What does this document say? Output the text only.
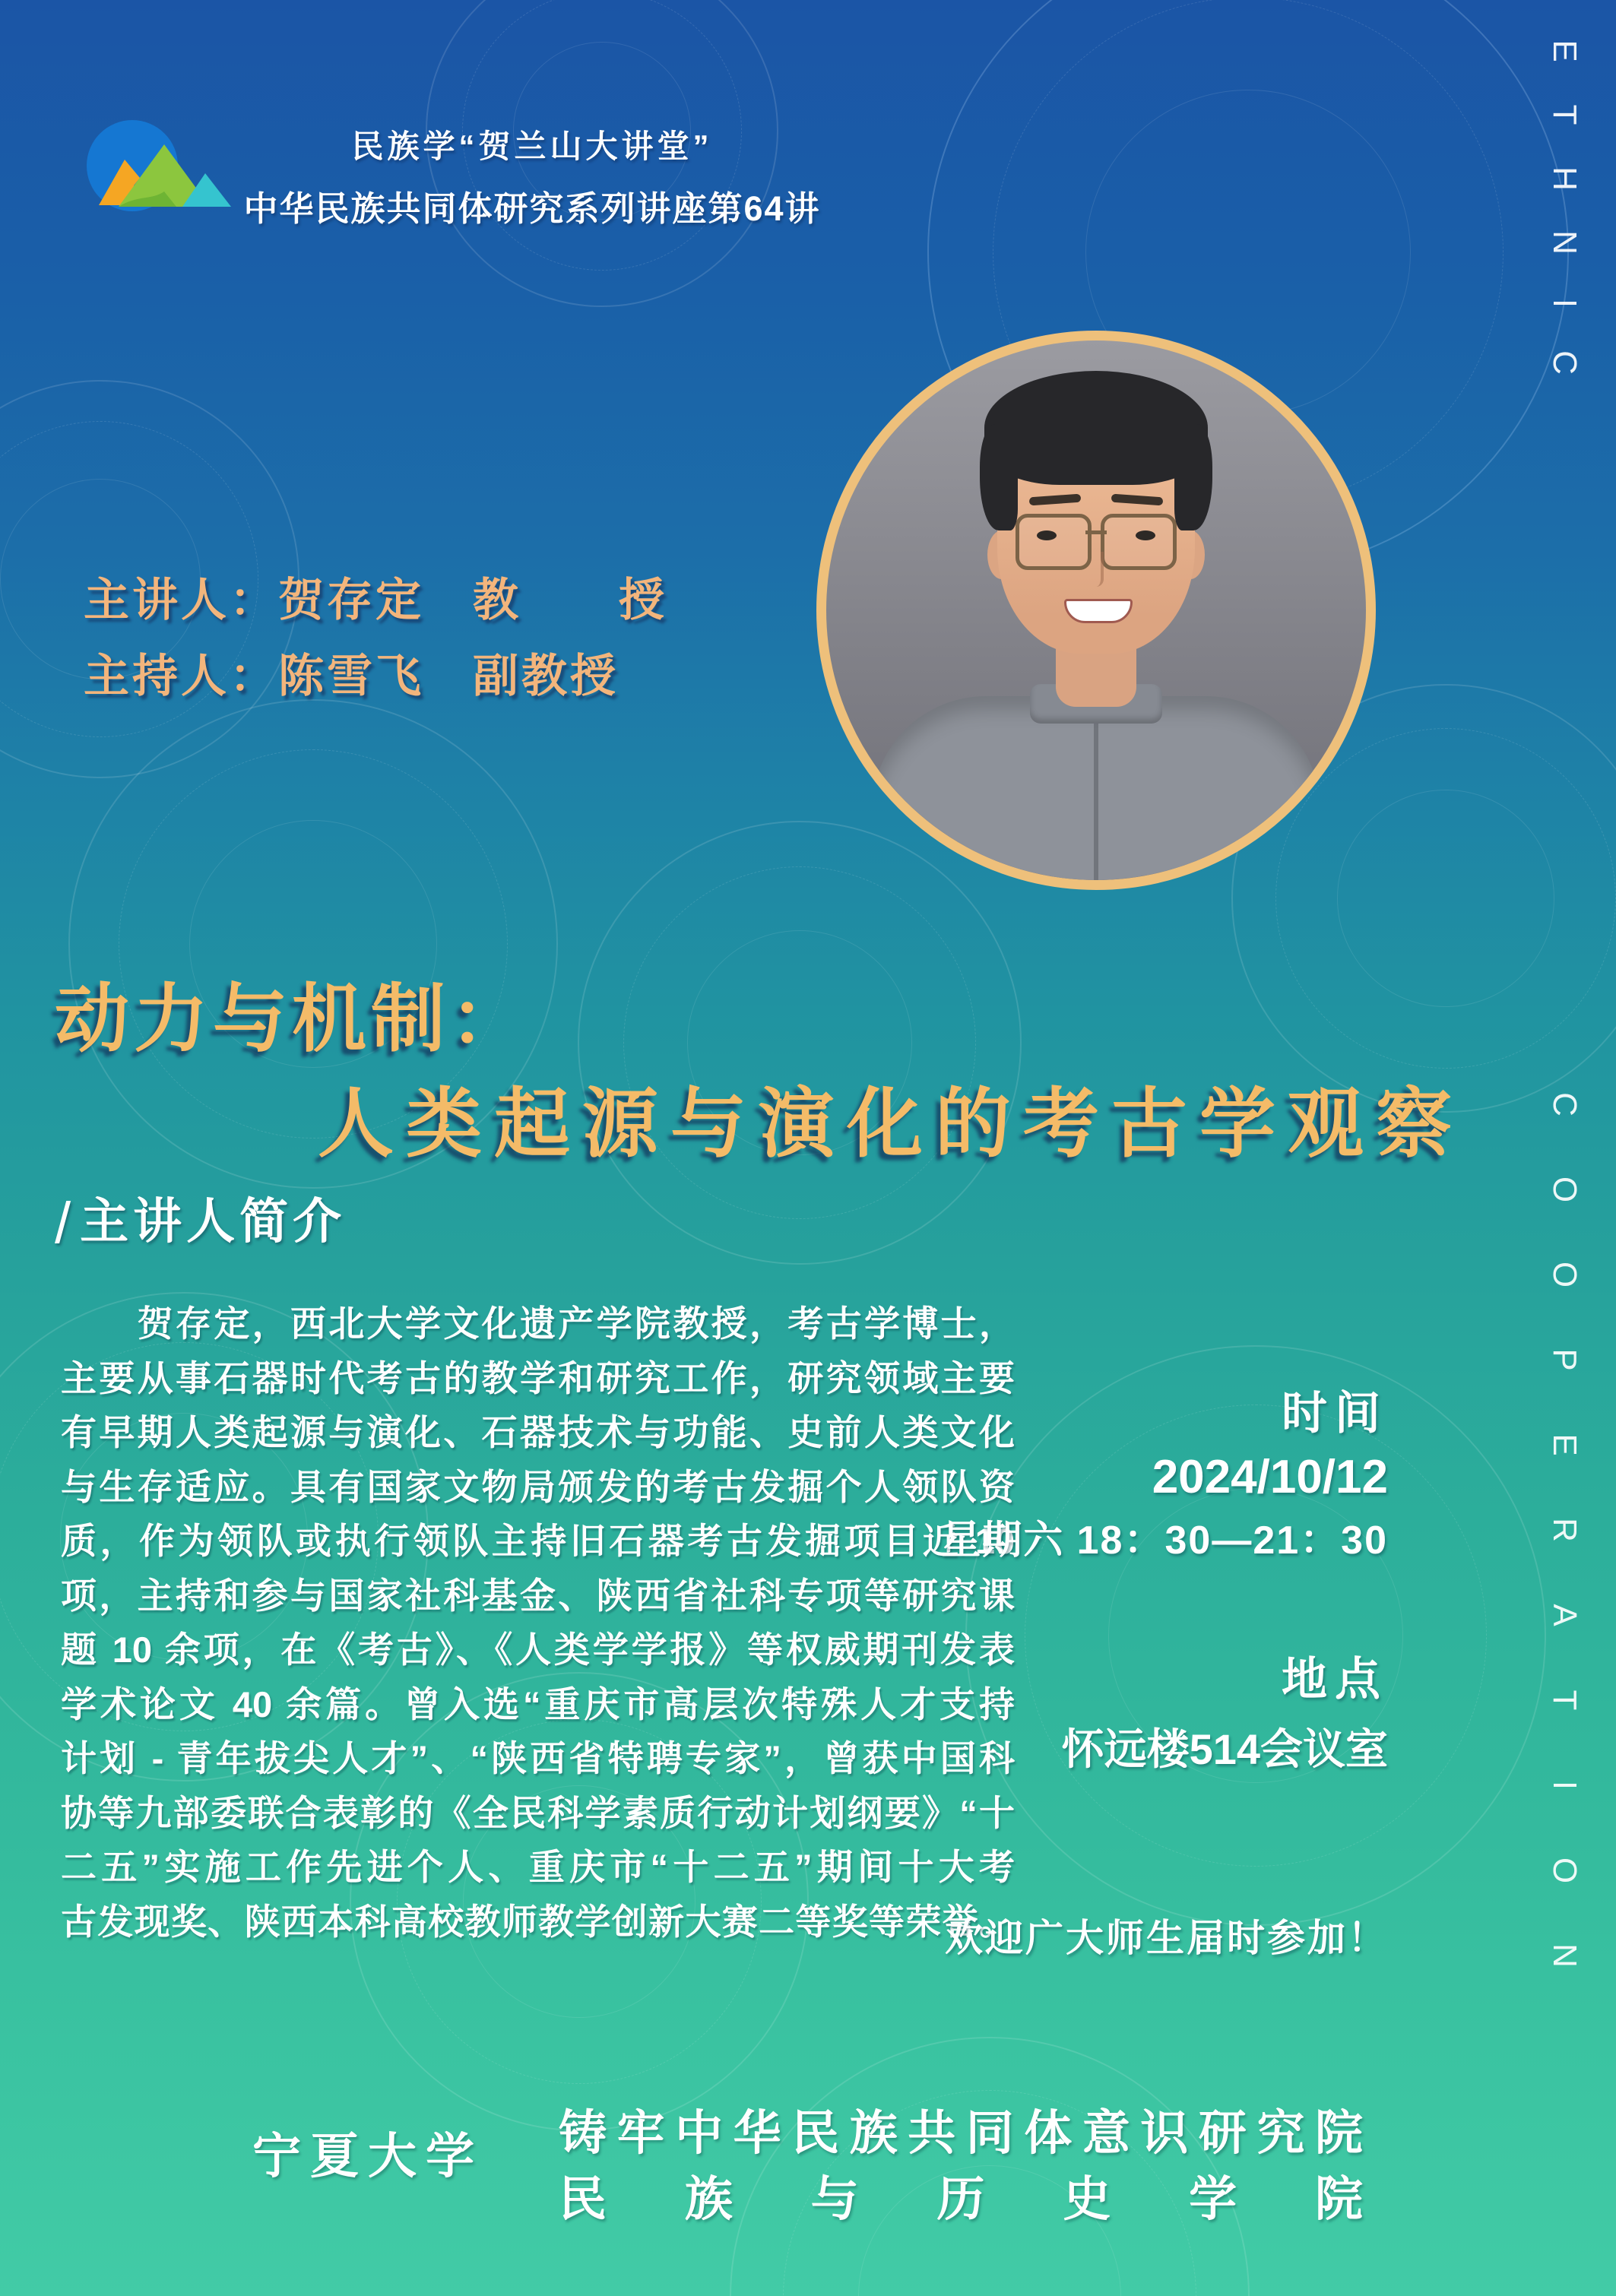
民族学“贺兰山大讲堂”
中华民族共同体研究系列讲座第64讲
主讲人：贺存定　教　　授
主持人：陈雪飞　副教授
动力与机制：
人类起源与演化的考古学观察
/主讲人简介
　　贺存定，西北大学文化遗产学院教授，考古学博士，
主要从事石器时代考古的教学和研究工作，研究领域主要
有早期人类起源与演化、石器技术与功能、史前人类文化
与生存适应。具有国家文物局颁发的考古发掘个人领队资
质，作为领队或执行领队主持旧石器考古发掘项目近 10
项，主持和参与国家社科基金、陕西省社科专项等研究课
题 10 余项，在《考古》、《人类学学报》等权威期刊发表
学术论文 40 余篇。曾入选“重庆市高层次特殊人才支持
计划 - 青年拔尖人才”、“陕西省特聘专家”，曾获中国科
协等九部委联合表彰的《全民科学素质行动计划纲要》“十
二五”实施工作先进个人、重庆市“十二五”期间十大考
古发现奖、陕西本科高校教师教学创新大赛二等奖等荣誉。
时间
2024/10/12
星期六 18：30—21：30
地点
怀远楼514会议室
欢迎广大师生届时参加！
宁夏大学 铸牢中华民族共同体意识研究院
民族与历史学院
E
T
H
N
I
C
C
O
O
P
E
R
A
T
I
O
N
